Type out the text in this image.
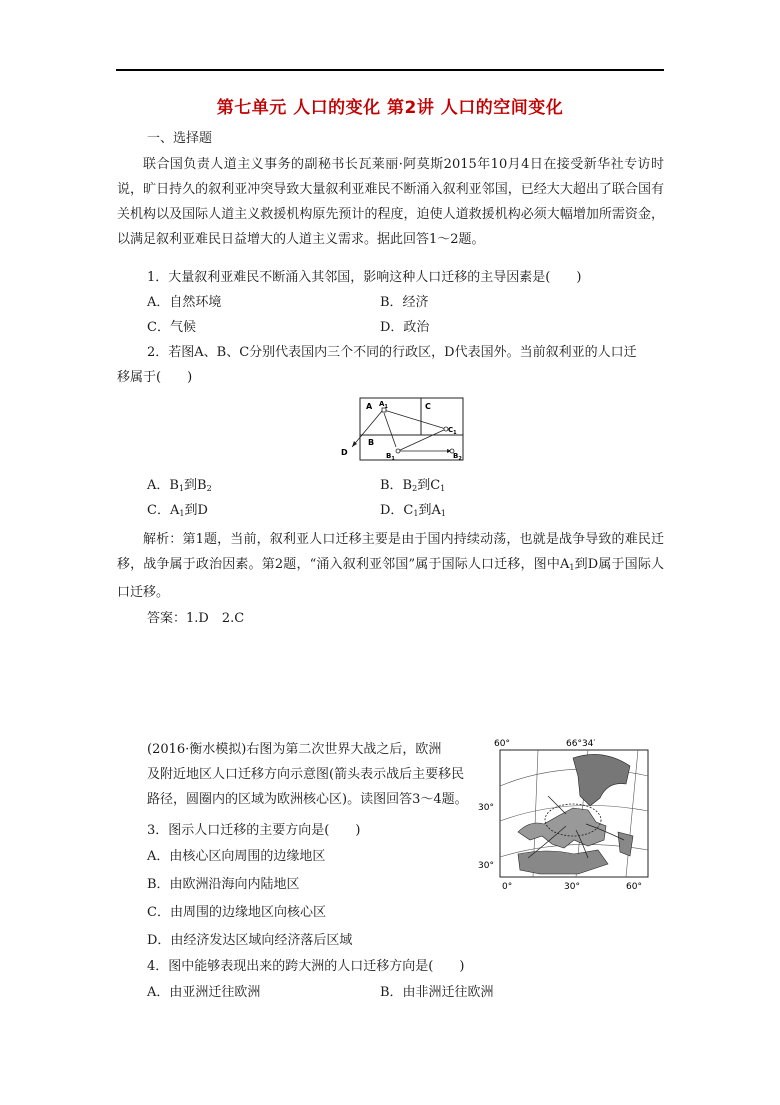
第七单元 人口的变化 第2讲 人口的空间变化
一、选择题
联合国负责人道主义事务的副秘书长瓦莱丽·阿莫斯2015年10月4日在接受新华社专访时说，旷日持久的叙利亚冲突导致大量叙利亚难民不断涌入叙利亚邻国，已经大大超出了联合国有关机构以及国际人道主义救援机构原先预计的程度，迫使人道救援机构必须大幅增加所需资金，以满足叙利亚难民日益增大的人道主义需求。据此回答1～2题。
1．大量叙利亚难民不断涌入其邻国，影响这种人口迁移的主导因素是(　　)
A．自然环境	B．经济
C．气候	D．政治
2．若图A、B、C分别代表国内三个不同的行政区，D代表国外。当前叙利亚的人口迁
移属于(　　)
A	C
B
D
$A_1$
$C_1$
$B_1$	$B_2$
A．$B_1$到$B_2$	B．$B_2$到$C_1$
C．$A_1$到D	D．$C_1$到$A_1$
解析：第1题，当前，叙利亚人口迁移主要是由于国内持续动荡，也就是战争导致的难民迁移，战争属于政治因素。第2题，“涌入叙利亚邻国”属于国际人口迁移，图中$A_1$到D属于国际人口迁移。
答案：1.D　2.C
(2016·衡水模拟)右图为第二次世界大战之后，欧洲
及附近地区人口迁移方向示意图(箭头表示战后主要移民
路径，圆圈内的区域为欧洲核心区)。读图回答3～4题。
60°	66°34′
30°
30°
0°	30°	60°
3．图示人口迁移的主要方向是(　　)
A．由核心区向周围的边缘地区
B．由欧洲沿海向内陆地区
C．由周围的边缘地区向核心区
D．由经济发达区域向经济落后区域
4．图中能够表现出来的跨大洲的人口迁移方向是(　　)
A．由亚洲迁往欧洲	B．由非洲迁往欧洲
